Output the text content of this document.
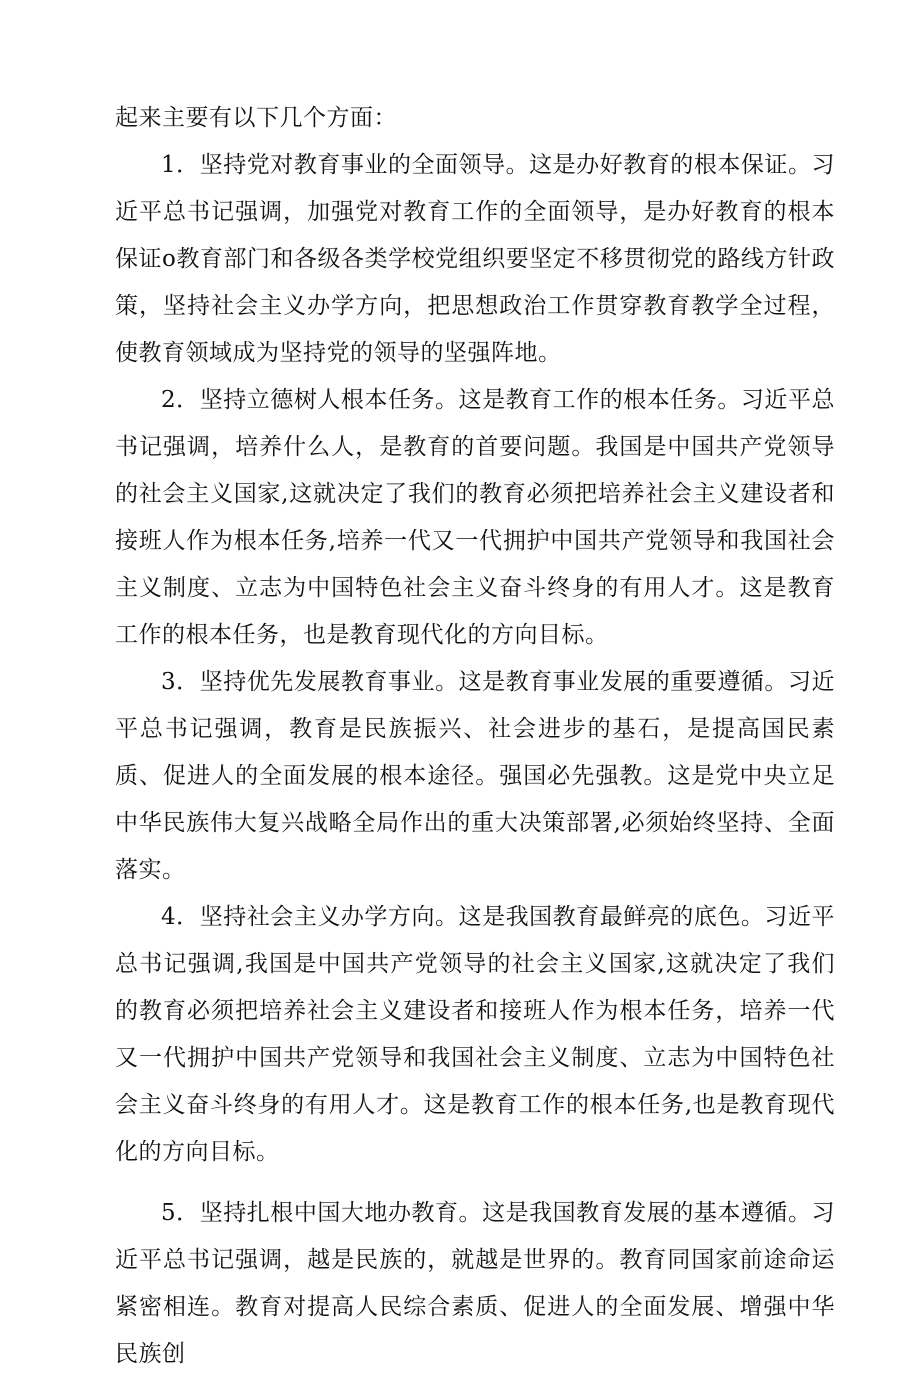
起来主要有以下几个方面：

1．坚持党对教育事业的全面领导。这是办好教育的根本保证。习近平总书记强调，加强党对教育工作的全面领导，是办好教育的根本保证o教育部门和各级各类学校党组织要坚定不移贯彻党的路线方针政策，坚持社会主义办学方向，把思想政治工作贯穿教育教学全过程，使教育领域成为坚持党的领导的坚强阵地。

2．坚持立德树人根本任务。这是教育工作的根本任务。习近平总书记强调，培养什么人，是教育的首要问题。我国是中国共产党领导的社会主义国家,这就决定了我们的教育必须把培养社会主义建设者和接班人作为根本任务,培养一代又一代拥护中国共产党领导和我国社会主义制度、立志为中国特色社会主义奋斗终身的有用人才。这是教育工作的根本任务，也是教育现代化的方向目标。

3．坚持优先发展教育事业。这是教育事业发展的重要遵循。习近平总书记强调，教育是民族振兴、社会进步的基石，是提高国民素质、促进人的全面发展的根本途径。强国必先强教。这是党中央立足中华民族伟大复兴战略全局作出的重大决策部署,必须始终坚持、全面落实。

4．坚持社会主义办学方向。这是我国教育最鲜亮的底色。习近平总书记强调,我国是中国共产党领导的社会主义国家,这就决定了我们的教育必须把培养社会主义建设者和接班人作为根本任务，培养一代又一代拥护中国共产党领导和我国社会主义制度、立志为中国特色社会主义奋斗终身的有用人才。这是教育工作的根本任务,也是教育现代化的方向目标。

5．坚持扎根中国大地办教育。这是我国教育发展的基本遵循。习近平总书记强调，越是民族的，就越是世界的。教育同国家前途命运紧密相连。教育对提高人民综合素质、促进人的全面发展、增强中华民族创
